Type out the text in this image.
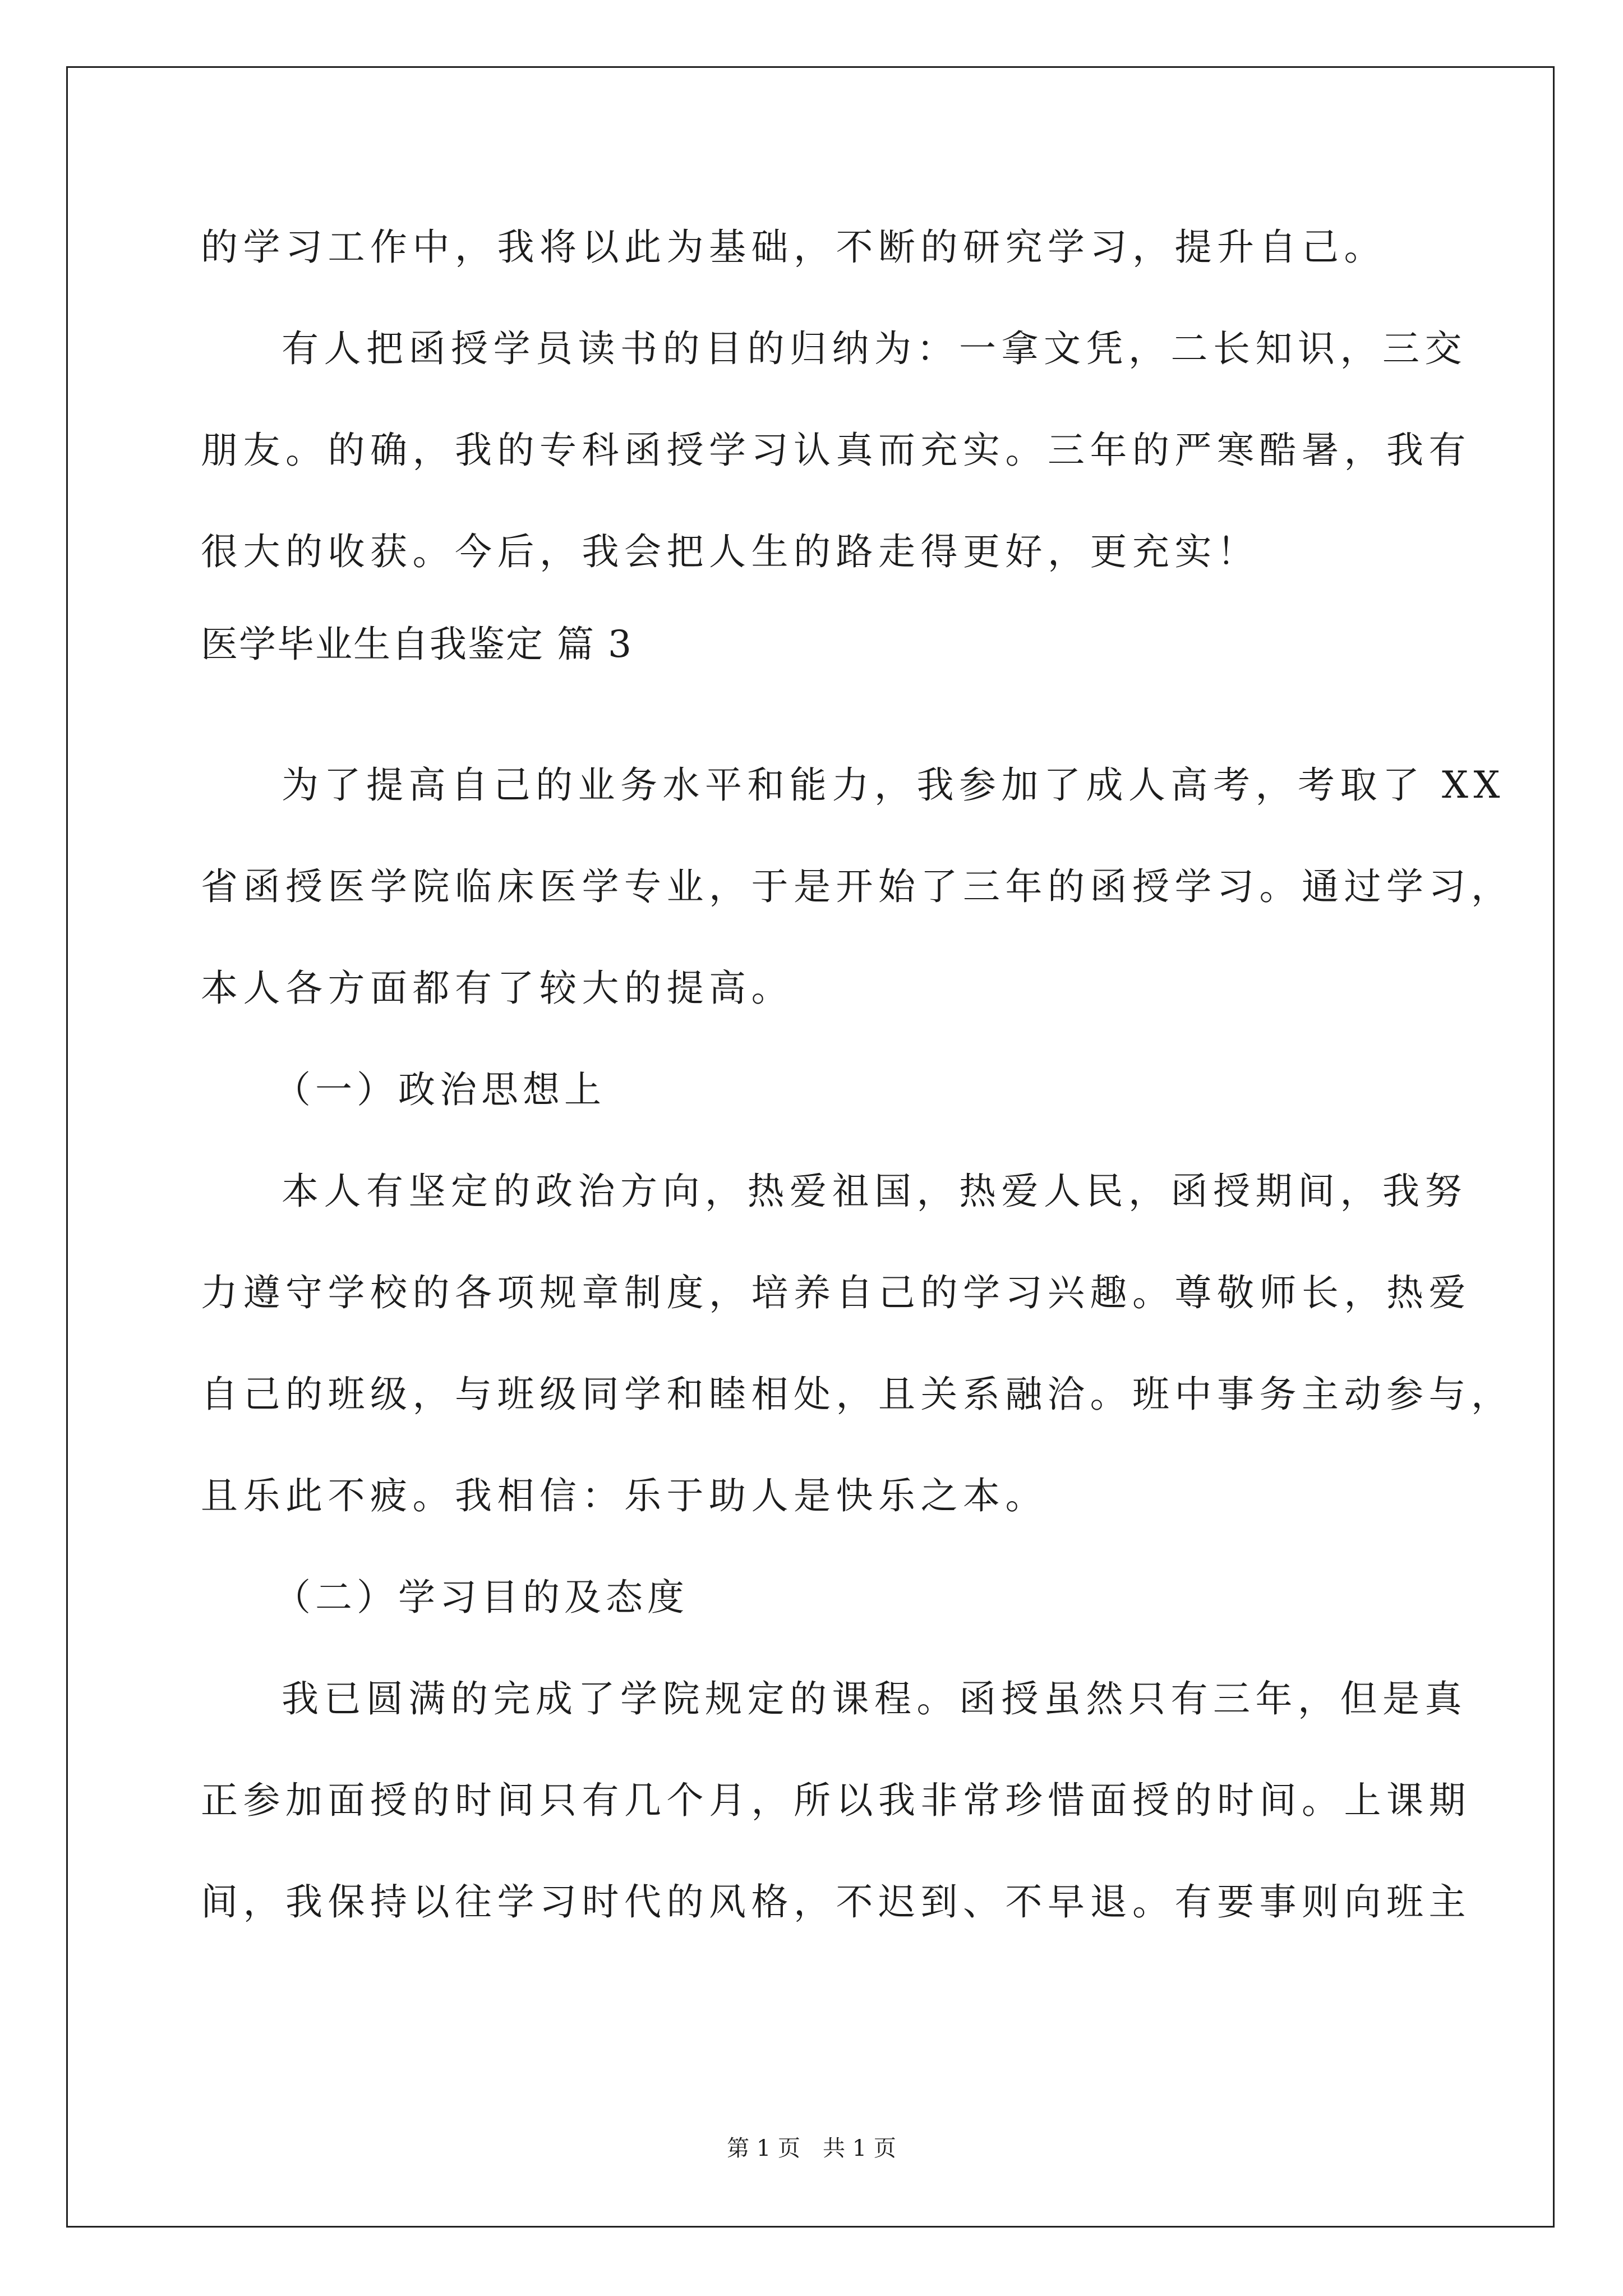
的学习工作中，我将以此为基础，不断的研究学习，提升自己。
有人把函授学员读书的目的归纳为：一拿文凭，二长知识，三交
朋友。的确，我的专科函授学习认真而充实。三年的严寒酷暑，我有
很大的收获。今后，我会把人生的路走得更好，更充实！
医学毕业生自我鉴定 篇 3
为了提高自己的业务水平和能力，我参加了成人高考，考取了 XX
省函授医学院临床医学专业，于是开始了三年的函授学习。通过学习，
本人各方面都有了较大的提高。
（一）政治思想上
本人有坚定的政治方向，热爱祖国，热爱人民，函授期间，我努
力遵守学校的各项规章制度，培养自己的学习兴趣。尊敬师长，热爱
自己的班级，与班级同学和睦相处，且关系融洽。班中事务主动参与，
且乐此不疲。我相信：乐于助人是快乐之本。
（二）学习目的及态度
我已圆满的完成了学院规定的课程。函授虽然只有三年，但是真
正参加面授的时间只有几个月，所以我非常珍惜面授的时间。上课期
间，我保持以往学习时代的风格，不迟到、不早退。有要事则向班主
第 1 页　共 1 页
